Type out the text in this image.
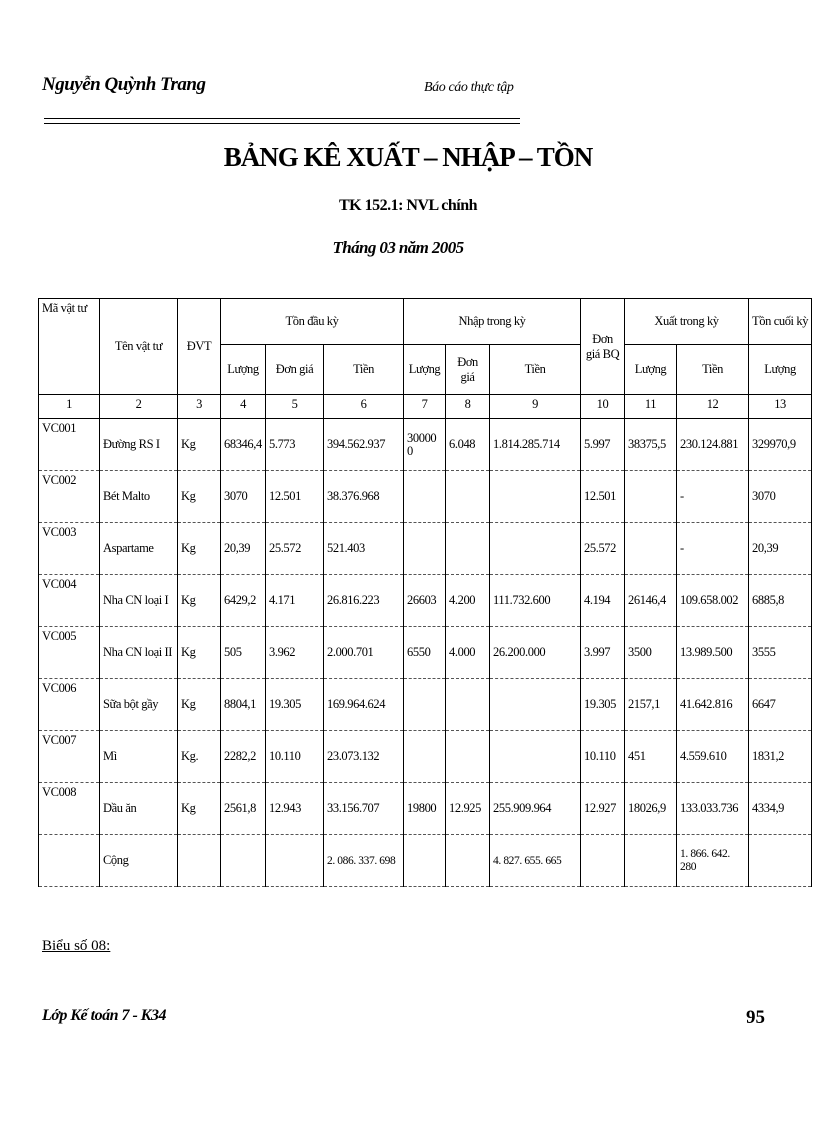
Nguyễn Quỳnh Trang	Báo cáo thực tập
BẢNG KÊ XUẤT – NHẬP – TỒN
TK 152.1: NVL chính
Tháng 03 năm 2005
Mã vật tư	Tên vật tư	ĐVT	Tồn đầu kỳ			Nhập trong kỳ			Đơn giá BQ	Xuất trong kỳ		Tồn cuối kỳ
			Lượng	Đơn giá	Tiền	Lượng	Đơn giá	Tiền		Lượng	Tiền	Lượng
1	2	3	4	5	6	7	8	9	10	11	12	13
VC001	Đường RS I	Kg	68346,4	5.773	394.562.937	300000	6.048	1.814.285.714	5.997	38375,5	230.124.881	329970,9
VC002	Bét Malto	Kg	3070	12.501	38.376.968				12.501		-	3070
VC003	Aspartame	Kg	20,39	25.572	521.403				25.572		-	20,39
VC004	Nha CN loại I	Kg	6429,2	4.171	26.816.223	26603	4.200	111.732.600	4.194	26146,4	109.658.002	6885,8
VC005	Nha CN loại II	Kg	505	3.962	2.000.701	6550	4.000	26.200.000	3.997	3500	13.989.500	3555
VC006	Sữa bột gầy	Kg	8804,1	19.305	169.964.624				19.305	2157,1	41.642.816	6647
VC007	Mì	Kg.	2282,2	10.110	23.073.132				10.110	451	4.559.610	1831,2
VC008	Dầu ăn	Kg	2561,8	12.943	33.156.707	19800	12.925	255.909.964	12.927	18026,9	133.033.736	4334,9
	Cộng				2. 086. 337. 698			4. 827. 655. 665			1. 866. 642. 280	
Biểu số 08:
Lớp Kế toán 7 - K34	95
